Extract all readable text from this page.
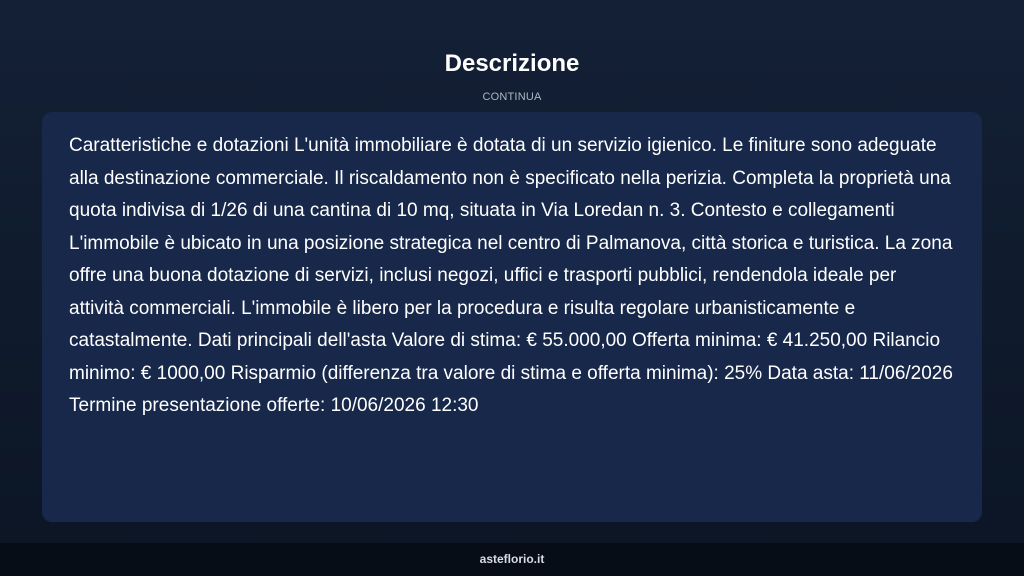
Descrizione
CONTINUA

Caratteristiche e dotazioni L'unità immobiliare è dotata di un servizio igienico. Le finiture sono adeguate alla destinazione commerciale. Il riscaldamento non è specificato nella perizia. Completa la proprietà una quota indivisa di 1/26 di una cantina di 10 mq, situata in Via Loredan n. 3. Contesto e collegamenti L'immobile è ubicato in una posizione strategica nel centro di Palmanova, città storica e turistica. La zona offre una buona dotazione di servizi, inclusi negozi, uffici e trasporti pubblici, rendendola ideale per attività commerciali. L'immobile è libero per la procedura e risulta regolare urbanisticamente e catastalmente. Dati principali dell'asta Valore di stima: € 55.000,00 Offerta minima: € 41.250,00 Rilancio minimo: € 1000,00 Risparmio (differenza tra valore di stima e offerta minima): 25% Data asta: 11/06/2026 Termine presentazione offerte: 10/06/2026 12:30

asteflorio.it
